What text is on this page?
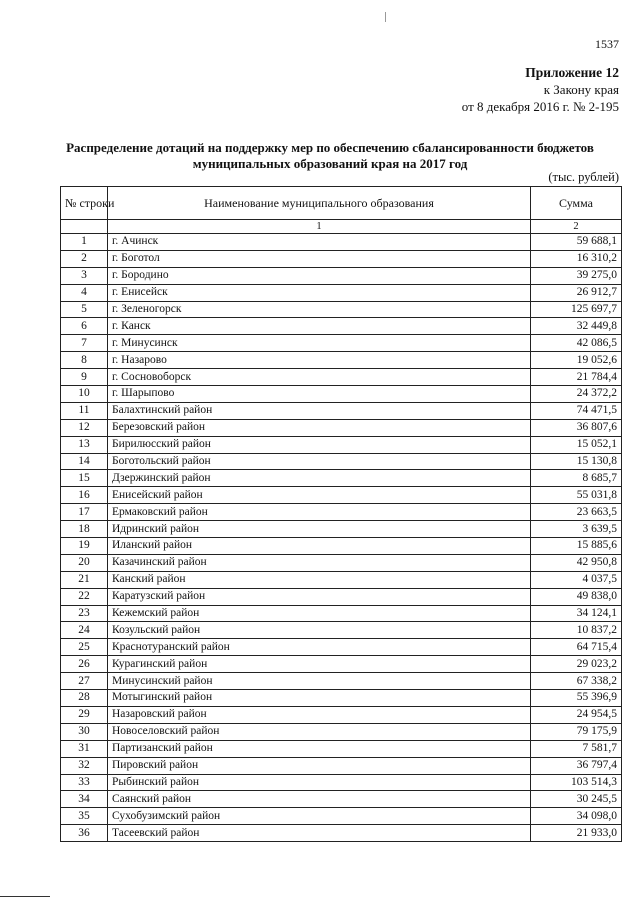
1537
Приложение 12
к Закону края
от 8 декабря 2016 г. № 2-195
Распределение дотаций на поддержку мер по обеспечению сбалансированности бюджетов
муниципальных образований края на 2017 год
(тыс. рублей)
№ строки	Наименование муниципального образования	Сумма
	1	2
1	г. Ачинск	59 688,1
2	г. Боготол	16 310,2
3	г. Бородино	39 275,0
4	г. Енисейск	26 912,7
5	г. Зеленогорск	125 697,7
6	г. Канск	32 449,8
7	г. Минусинск	42 086,5
8	г. Назарово	19 052,6
9	г. Сосновоборск	21 784,4
10	г. Шарыпово	24 372,2
11	Балахтинский район	74 471,5
12	Березовский район	36 807,6
13	Бирилюсский район	15 052,1
14	Боготольский район	15 130,8
15	Дзержинский район	8 685,7
16	Енисейский район	55 031,8
17	Ермаковский район	23 663,5
18	Идринский район	3 639,5
19	Иланский район	15 885,6
20	Казачинский район	42 950,8
21	Канский район	4 037,5
22	Каратузский район	49 838,0
23	Кежемский район	34 124,1
24	Козульский район	10 837,2
25	Краснотуранский район	64 715,4
26	Курагинский район	29 023,2
27	Минусинский район	67 338,2
28	Мотыгинский район	55 396,9
29	Назаровский район	24 954,5
30	Новоселовский район	79 175,9
31	Партизанский район	7 581,7
32	Пировский район	36 797,4
33	Рыбинский район	103 514,3
34	Саянский район	30 245,5
35	Сухобузимский район	34 098,0
36	Тасеевский район	21 933,0
